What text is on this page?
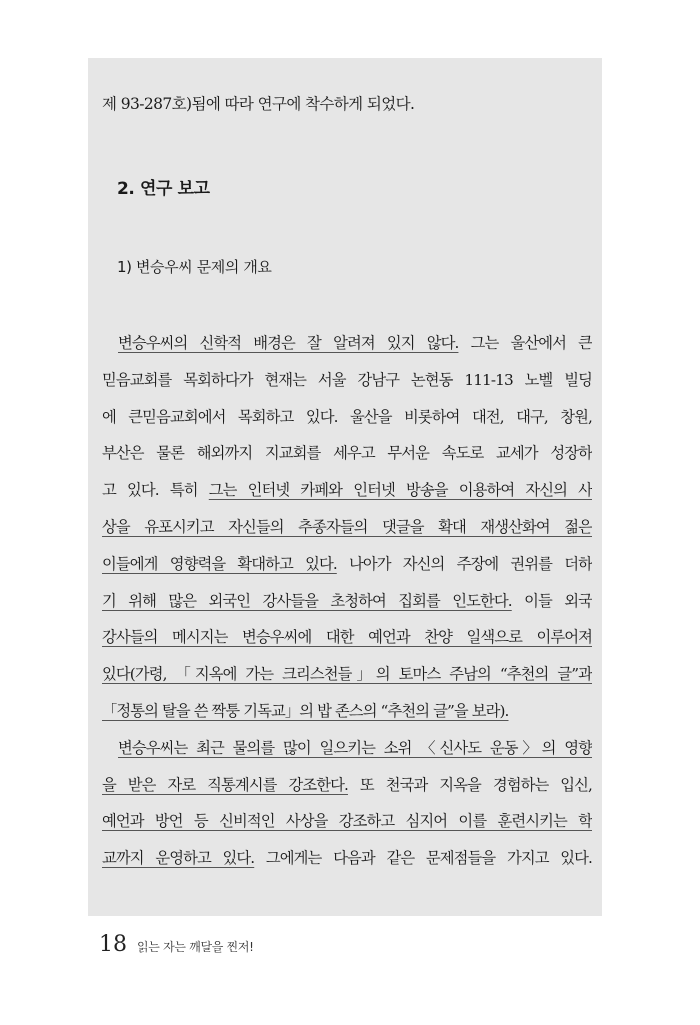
제 93-287호)됨에 따라 연구에 착수하게 되었다.
2. 연구 보고
1) 변승우씨 문제의 개요
변승우씨의 신학적 배경은 잘 알려져 있지 않다. 그는 울산에서 큰
믿음교회를 목회하다가 현재는 서울 강남구 논현동 111-13 노벨 빌딩
에 큰믿음교회에서 목회하고 있다. 울산을 비롯하여 대전, 대구, 창원,
부산은 물론 해외까지 지교회를 세우고 무서운 속도로 교세가 성장하
고 있다. 특히 그는 인터넷 카페와 인터넷 방송을 이용하여 자신의 사
상을 유포시키고 자신들의 추종자들의 댓글을 확대 재생산화여 젊은
이들에게 영향력을 확대하고 있다. 나아가 자신의 주장에 권위를 더하
기 위해 많은 외국인 강사들을 초청하여 집회를 인도한다. 이들 외국
강사들의 메시지는 변승우씨에 대한 예언과 찬양 일색으로 이루어져
있다(가령, 「지옥에 가는 크리스천들」의 토마스 주남의 “추천의 글”과
「정통의 탈을 쓴 짝퉁 기독교」의 밥 존스의 “추천의 글”을 보라).
변승우씨는 최근 물의를 많이 일으키는 소위 〈신사도 운동〉의 영향
을 받은 자로 직통계시를 강조한다. 또 천국과 지옥을 경험하는 입신,
예언과 방언 등 신비적인 사상을 강조하고 심지어 이를 훈련시키는 학
교까지 운영하고 있다. 그에게는 다음과 같은 문제점들을 가지고 있다.
18 읽는 자는 깨달을 찐저!
